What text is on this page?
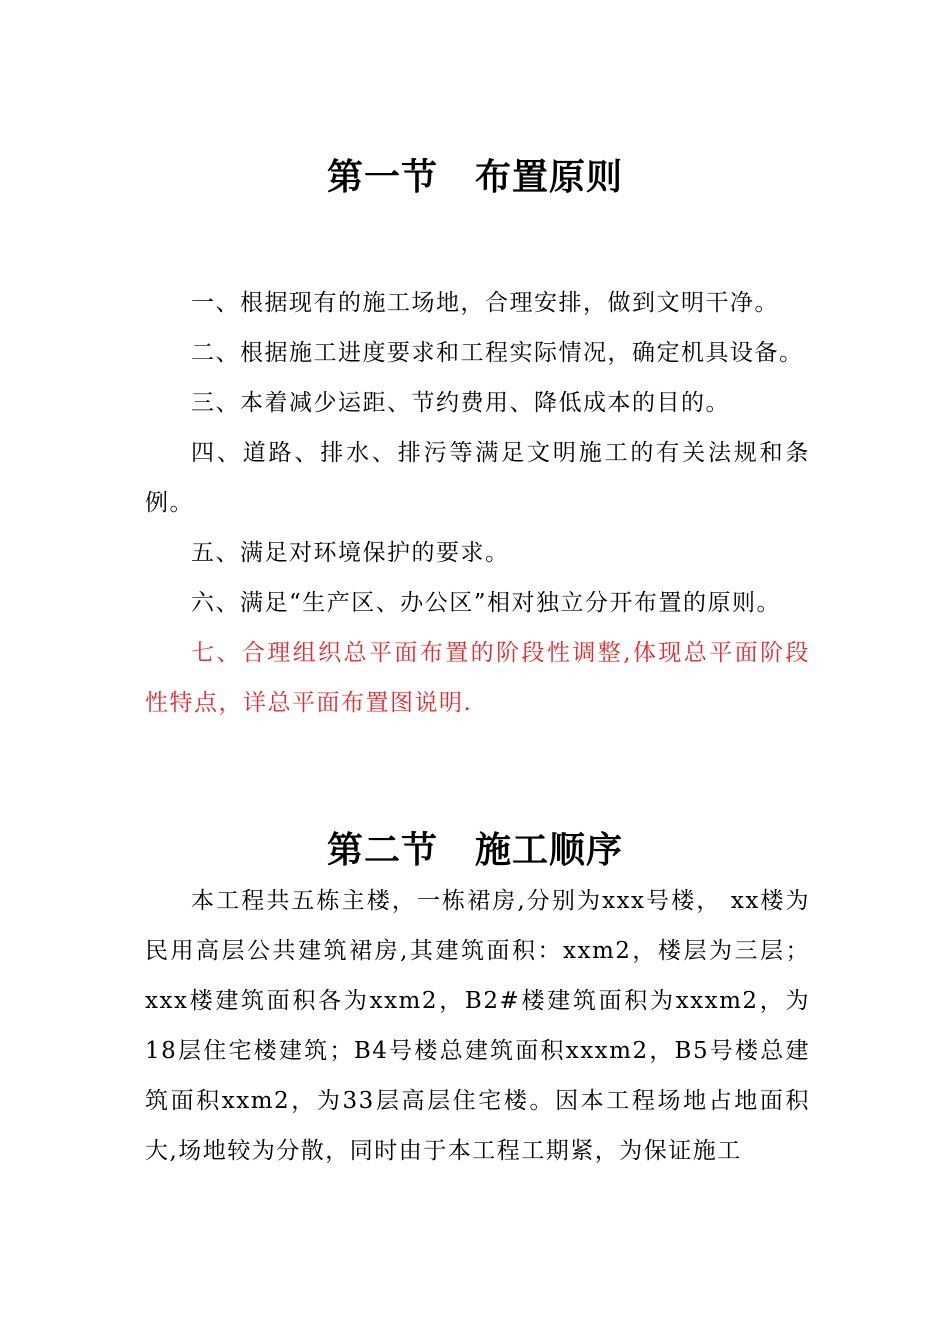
第一节　布置原则

一、根据现有的施工场地，合理安排，做到文明干净。

二、根据施工进度要求和工程实际情况，确定机具设备。

三、本着减少运距、节约费用、降低成本的目的。

四、道路、排水、排污等满足文明施工的有关法规和条例。

五、满足对环境保护的要求。

六、满足“生产区、办公区”相对独立分开布置的原则。

七、合理组织总平面布置的阶段性调整,体现总平面阶段性特点，详总平面布置图说明.

第二节　施工顺序

本工程共五栋主楼，一栋裙房,分别为xxx号楼， xx楼为民用高层公共建筑裙房,其建筑面积：xxm2，楼层为三层；xxx楼建筑面积各为xxm2，B2#楼建筑面积为xxxm2，为18层住宅楼建筑；B4号楼总建筑面积xxxm2，B5号楼总建筑面积xxm2，为33层高层住宅楼。因本工程场地占地面积大,场地较为分散，同时由于本工程工期紧，为保证施工
